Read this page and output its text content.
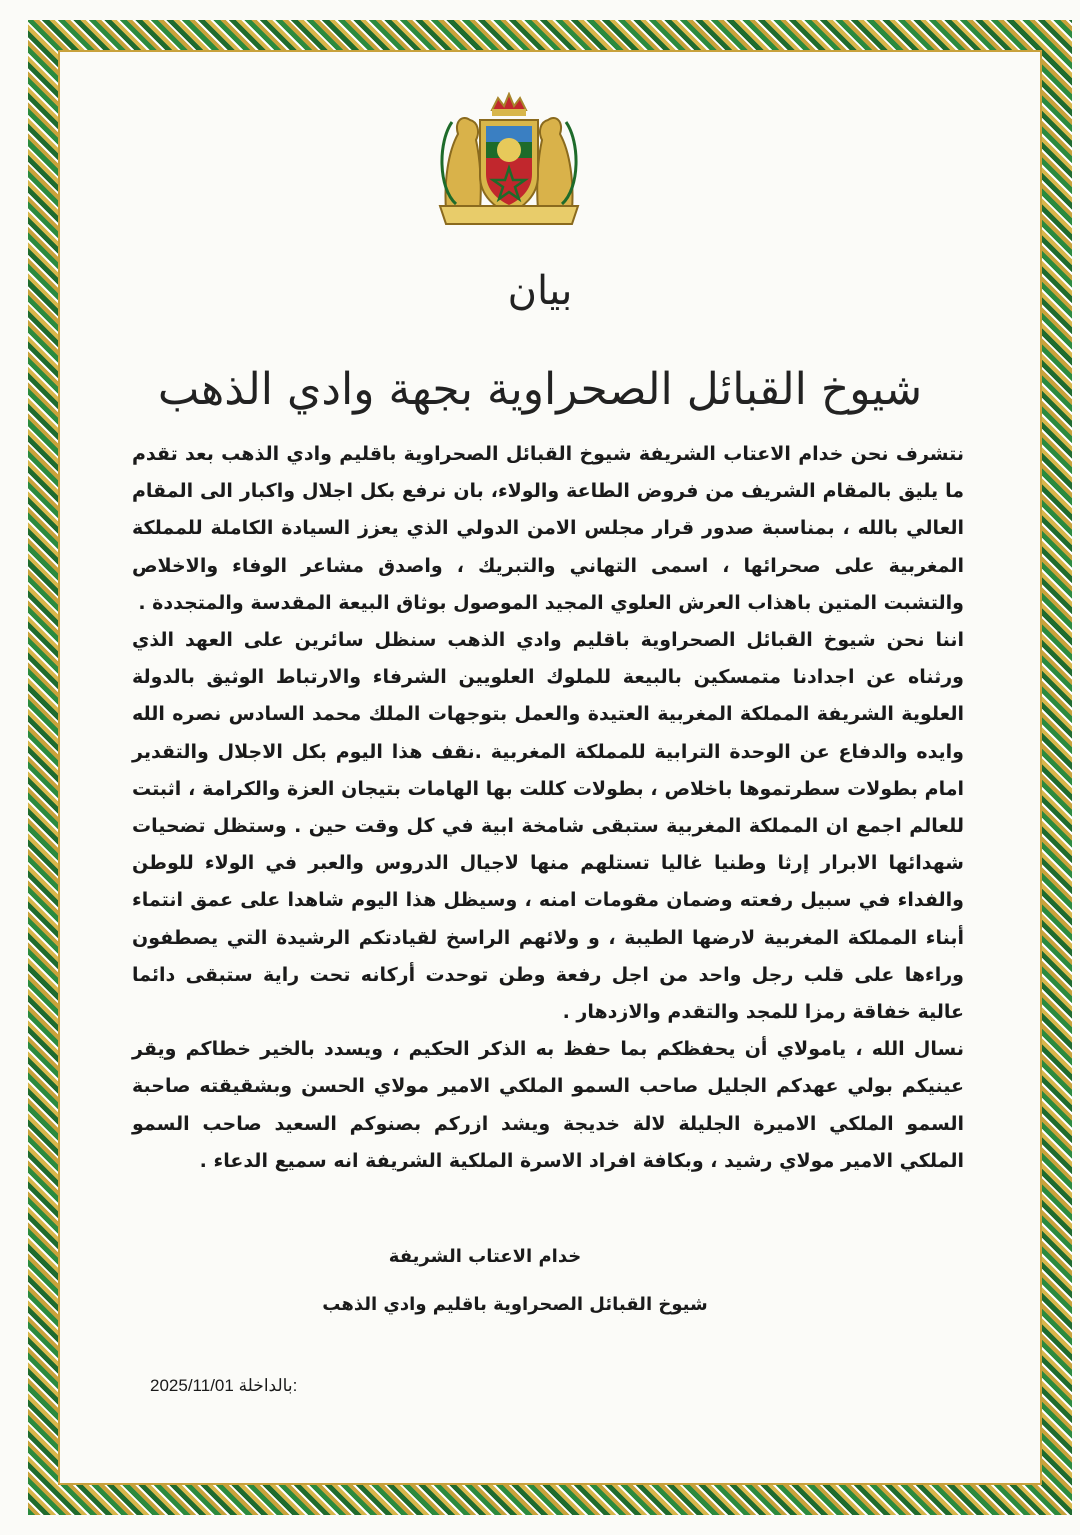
بيان
شيوخ القبائل الصحراوية بجهة وادي الذهب

نتشرف نحن خدام الاعتاب الشريفة شيوخ القبائل الصحراوية باقليم وادي الذهب بعد تقدم ما يليق بالمقام الشريف من فروض الطاعة والولاء، بان نرفع بكل اجلال واكبار الى المقام العالي بالله ، بمناسبة صدور قرار مجلس الامن الدولي الذي يعزز السيادة الكاملة للمملكة المغربية على صحرائها ، اسمى التهاني والتبريك ، واصدق مشاعر الوفاء والاخلاص والتشبت المتين باهذاب العرش العلوي المجيد الموصول بوثاق البيعة المقدسة والمتجددة .

اننا نحن شيوخ القبائل الصحراوية باقليم وادي الذهب سنظل سائرين على العهد الذي ورثناه عن اجدادنا متمسكين بالبيعة للملوك العلويين الشرفاء والارتباط الوثيق بالدولة العلوية الشريفة المملكة المغربية العتيدة والعمل بتوجهات الملك محمد السادس نصره الله وايده والدفاع عن الوحدة الترابية للمملكة المغربية .نقف هذا اليوم بكل الاجلال والتقدير امام بطولات سطرتموها باخلاص ، بطولات كللت بها الهامات بتيجان العزة والكرامة ، اثبتت للعالم اجمع ان المملكة المغربية ستبقى شامخة ابية في كل وقت حين . وستظل تضحيات شهدائها الابرار إرثا وطنيا غاليا تستلهم منها لاجيال الدروس والعبر في الولاء للوطن والفداء في سبيل رفعته وضمان مقومات امنه ، وسيظل هذا اليوم شاهدا على عمق انتماء أبناء المملكة المغربية لارضها الطيبة ، و ولائهم الراسخ لقيادتكم الرشيدة التي يصطفون وراءها على قلب رجل واحد من اجل رفعة وطن توحدت أركانه تحت راية ستبقى دائما عالية خفاقة رمزا للمجد والتقدم والازدهار .

نسال الله ، يامولاي أن يحفظكم بما حفظ به الذكر الحكيم ، ويسدد بالخير خطاكم ويقر عينيكم بولي عهدكم الجليل صاحب السمو الملكي الامير مولاي الحسن وبشقيقته صاحبة السمو الملكي الاميرة الجليلة لالة خديجة ويشد ازركم بصنوكم السعيد صاحب السمو الملكي الامير مولاي رشيد ، وبكافة افراد الاسرة الملكية الشريفة انه سميع الدعاء .

خدام الاعتاب الشريفة
شيوخ القبائل الصحراوية باقليم وادي الذهب
2025/11/01 بالداخلة:
